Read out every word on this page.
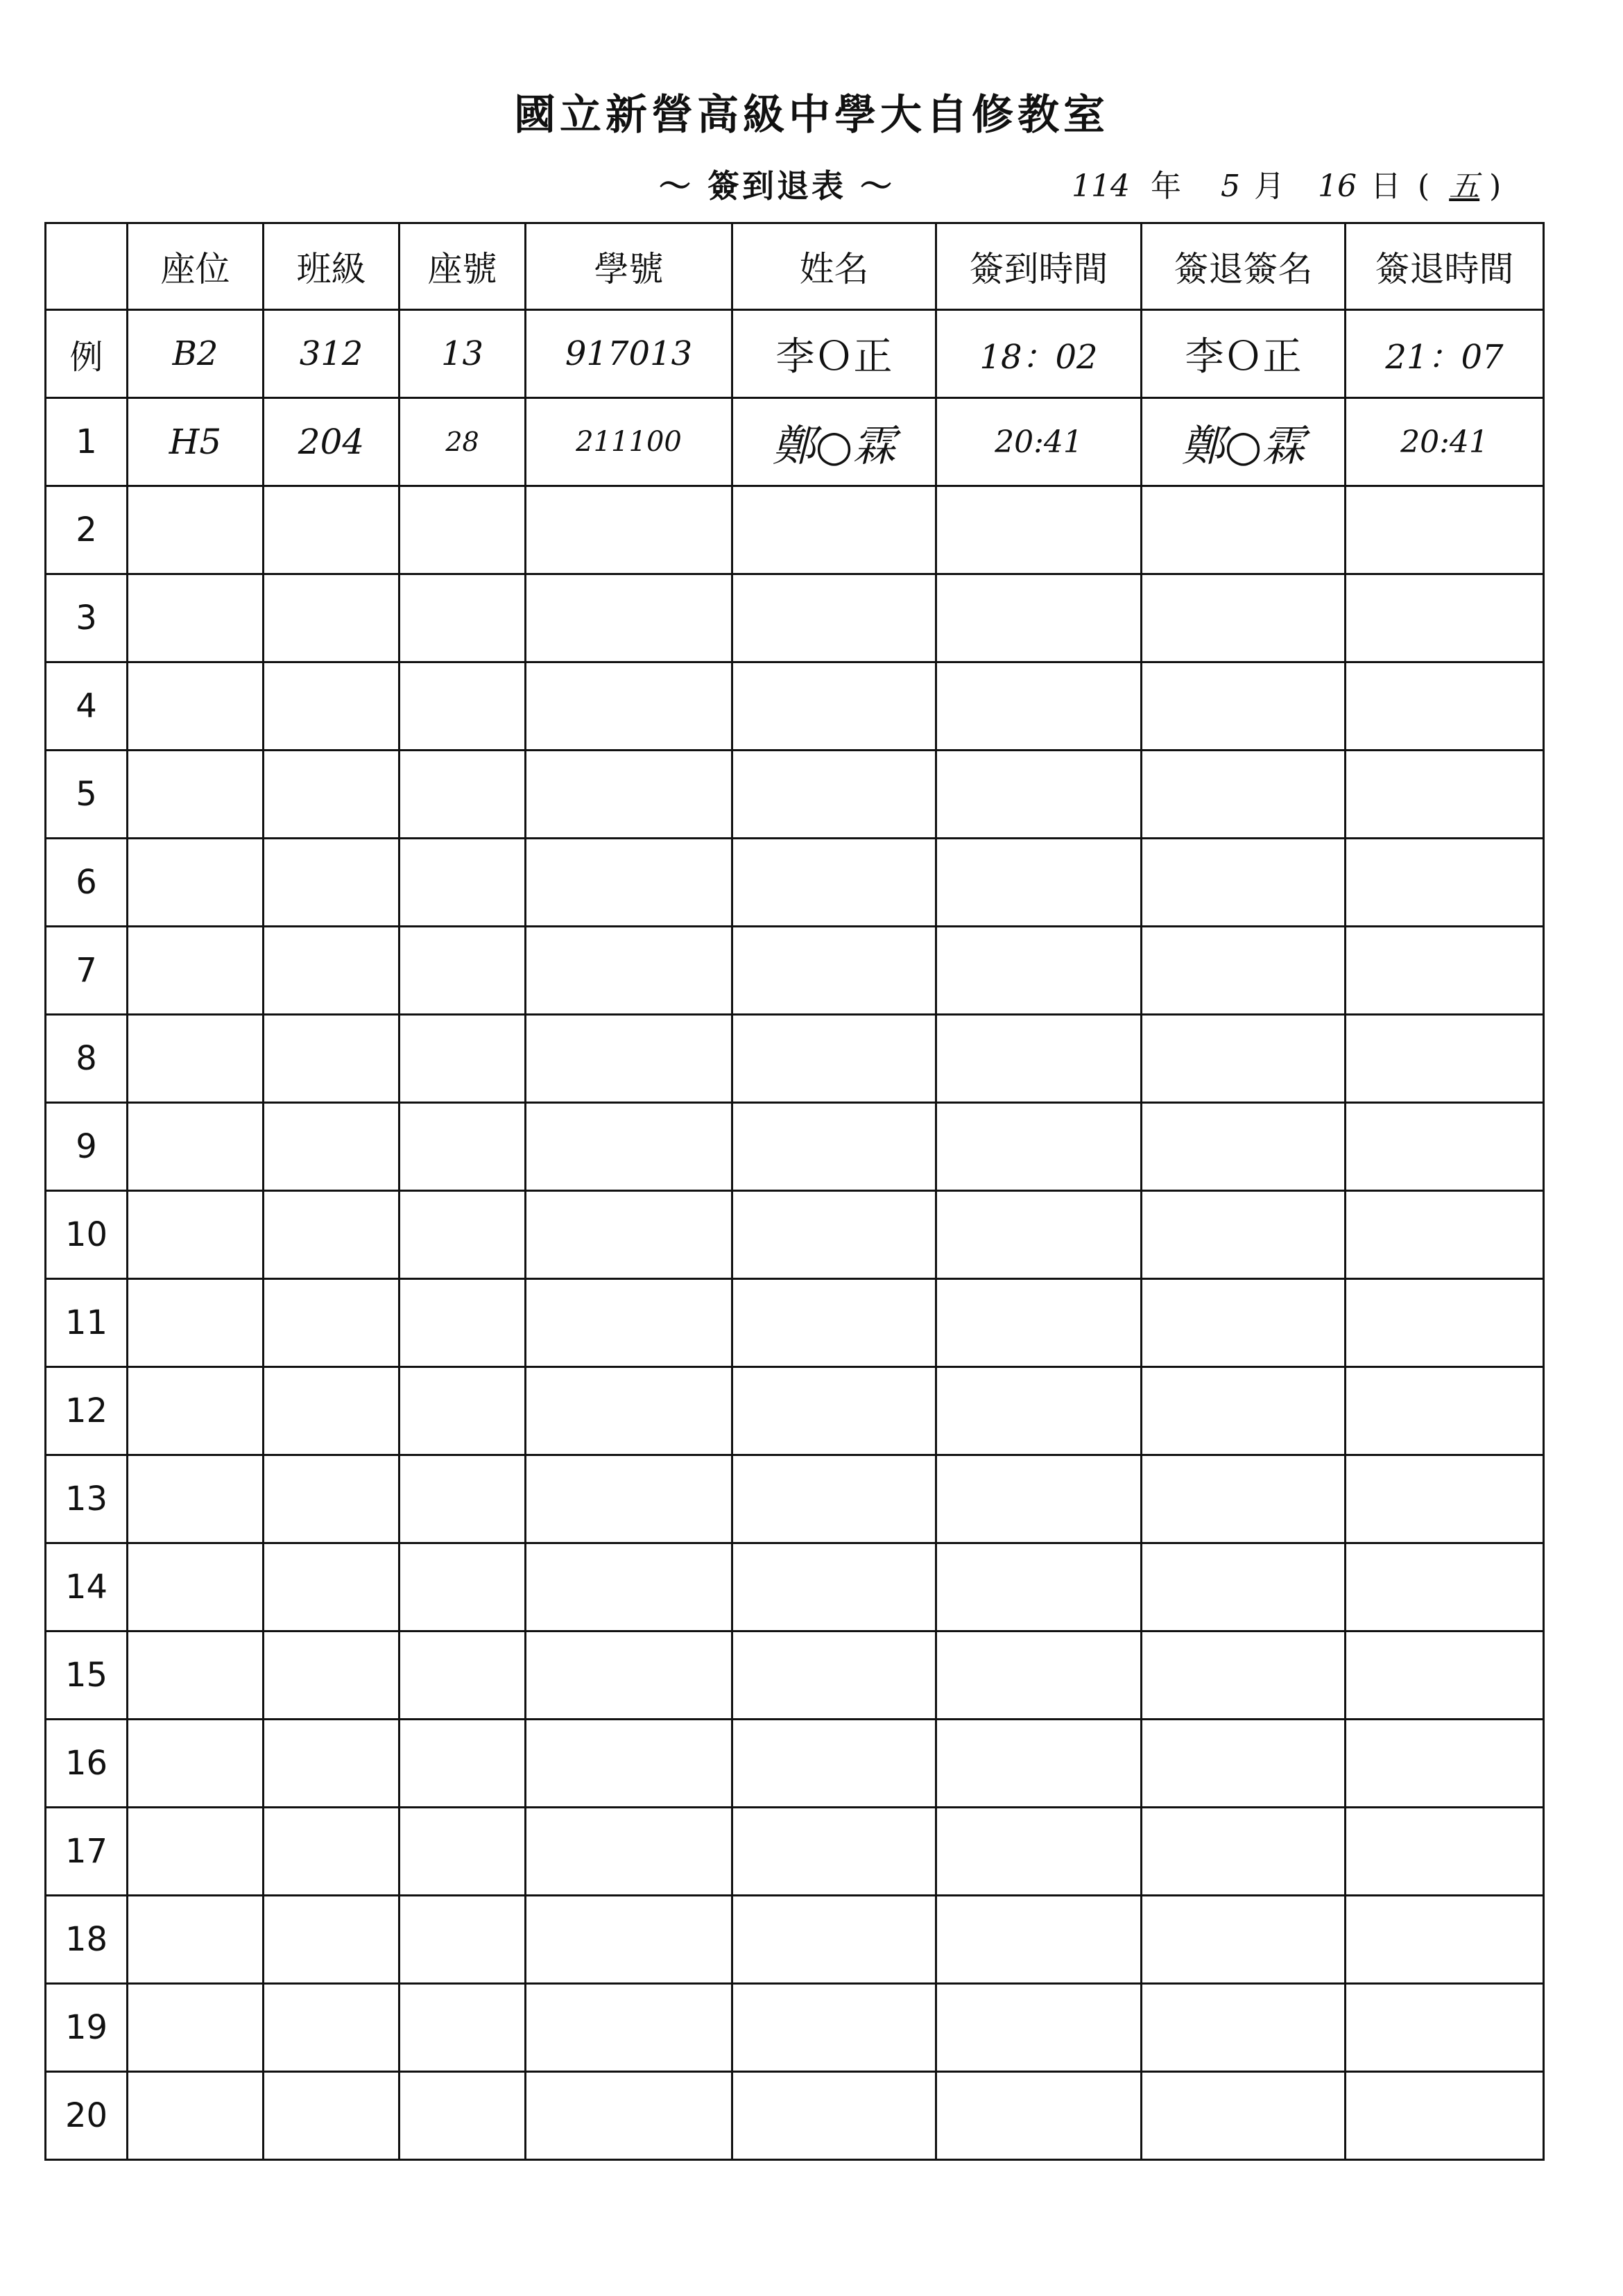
國立新營高級中學大自修教室
～ 簽到退表 ～	114 年 5 月 16 日 ( 五 )
	座位	班級	座號	學號	姓名	簽到時間	簽退簽名	簽退時間
例	B2	312	13	917013	李Ｏ正	18：02	李Ｏ正	21：07
1	H5	204	28	211100	鄭○霖	20:41	鄭○霖	20:41
2								
3								
4								
5								
6								
7								
8								
9								
10								
11								
12								
13								
14								
15								
16								
17								
18								
19								
20								
